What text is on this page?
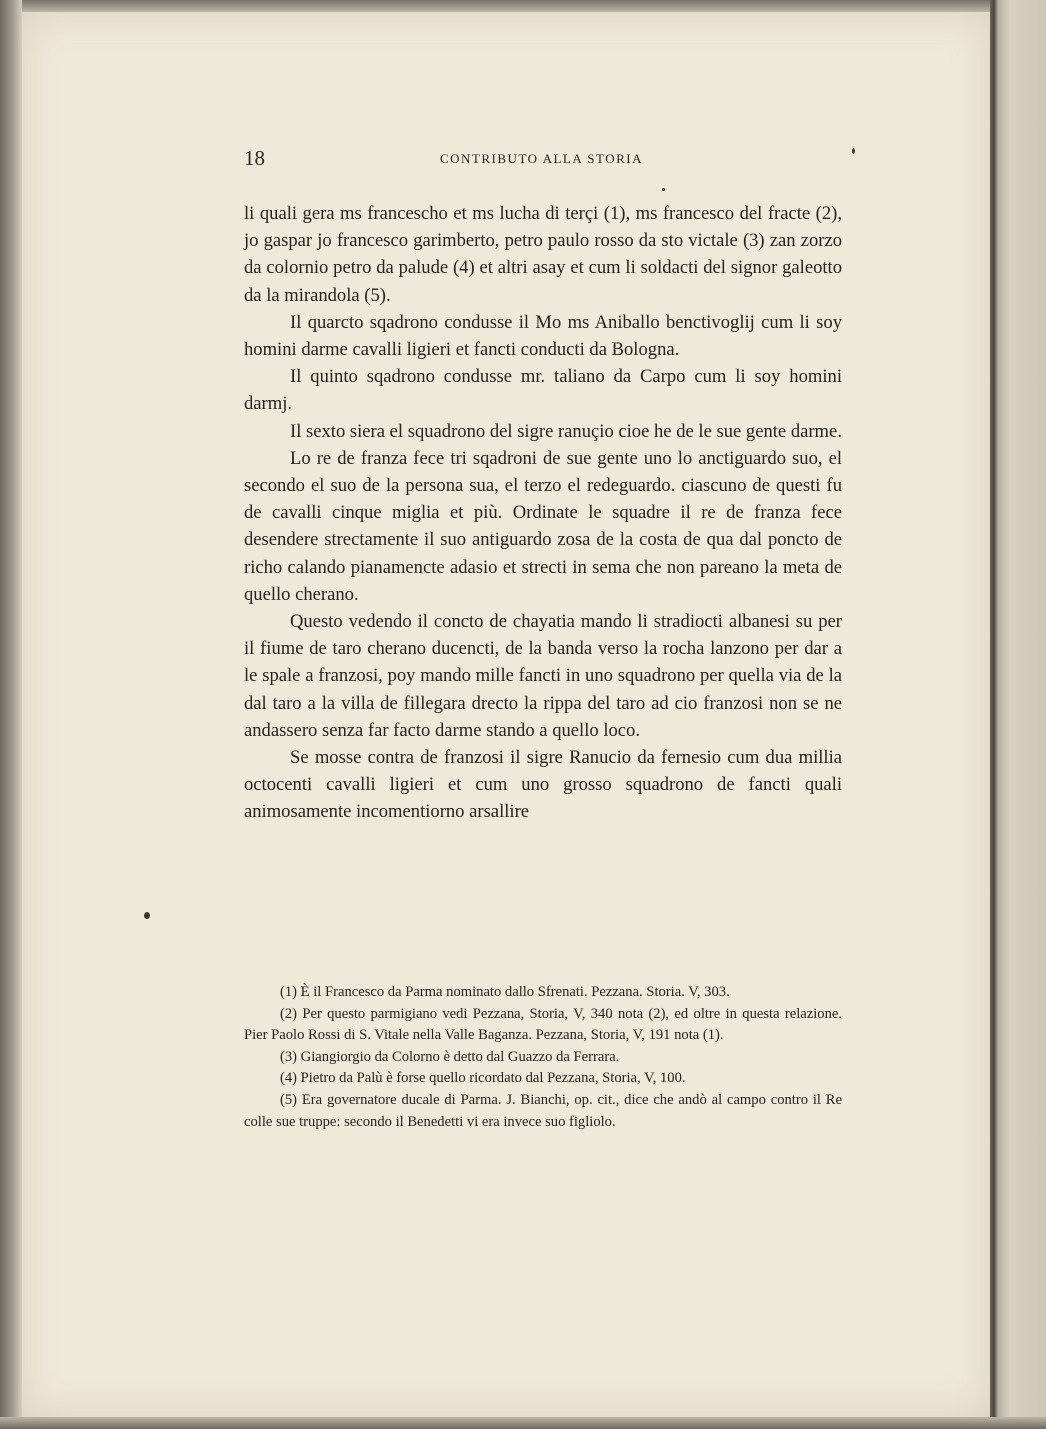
18	CONTRIBUTO ALLA STORIA

li quali gera ms francescho et ms lucha di terçi (1), ms francesco del fracte (2), jo gaspar jo francesco garimberto, petro paulo rosso da sto victale (3) zan zorzo da colornio petro da palude (4) et altri asay et cum li soldacti del signor galeotto da la mirandola (5).

Il quarcto sqadrono condusse il Mo ms Aniballo benctivoglij cum li soy homini darme cavalli ligieri et fancti conducti da Bologna.

Il quinto sqadrono condusse mr. taliano da Carpo cum li soy homini darmj.

Il sexto siera el squadrono del sigre ranuçio cioe he de le sue gente darme.

Lo re de franza fece tri sqadroni de sue gente uno lo anctiguardo suo, el secondo el suo de la persona sua, el terzo el redeguardo. ciascuno de questi fu de cavalli cinque miglia et più. Ordinate le squadre il re de franza fece desendere strectamente il suo antiguardo zosa de la costa de qua dal poncto de richo calando pianamencte adasio et strecti in sema che non pareano la meta de quello cherano.

Questo vedendo il concto de chayatia mando li stradiocti albanesi su per il fiume de taro cherano ducencti, de la banda verso la rocha lanzono per dar a le spale a franzosi, poy mando mille fancti in uno squadrono per quella via de la dal taro a la villa de fillegara drecto la rippa del taro ad cio franzosi non se ne andassero senza far facto darme stando a quello loco.

Se mosse contra de franzosi il sigre Ranucio da fernesio cum dua millia octocenti cavalli ligieri et cum uno grosso squadrono de fancti quali animosamente incomentiorno arsallire

(1) È il Francesco da Parma nominato dallo Sfrenati. Pezzana. Storia. V, 303.

(2) Per questo parmigiano vedi Pezzana, Storia, V, 340 nota (2), ed oltre in questa relazione. Pier Paolo Rossi di S. Vitale nella Valle Baganza. Pezzana, Storia, V, 191 nota (1).

(3) Giangiorgio da Colorno è detto dal Guazzo da Ferrara.

(4) Pietro da Palù è forse quello ricordato dal Pezzana, Storia, V, 100.

(5) Era governatore ducale di Parma. J. Bianchi, op. cit., dice che andò al campo contro il Re colle sue truppe: secondo il Benedetti vi era invece suo figliolo.
